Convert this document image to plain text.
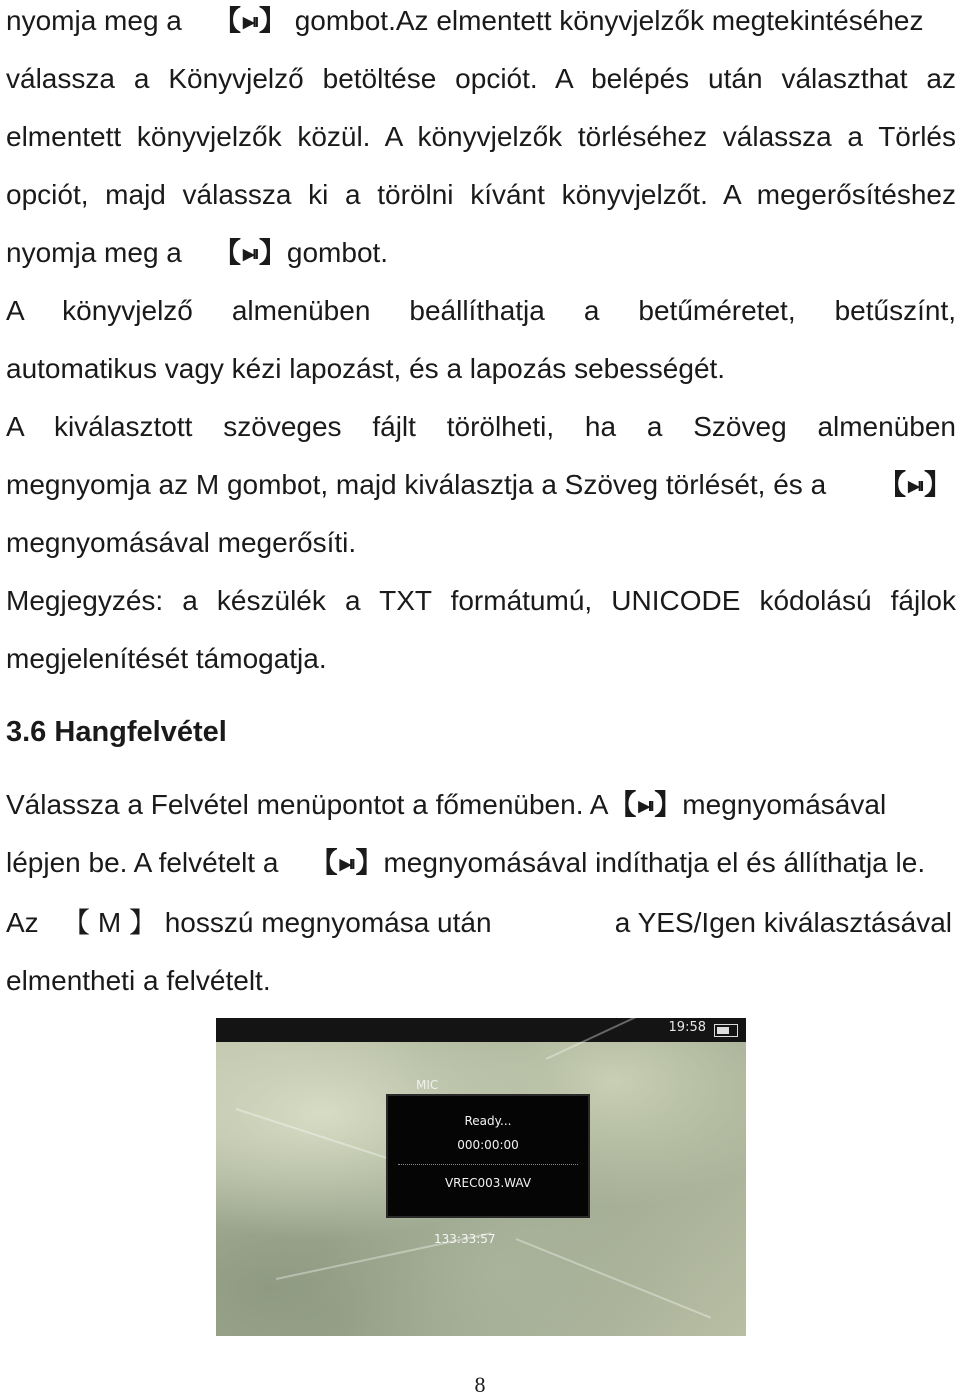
nyomja meg a 【 ▶II】 gombot.Az elmentett könyvjelzők megtekintéséhez
válassza a Könyvjelző betöltése opciót. A belépés után választhat az
elmentett könyvjelzők közül. A könyvjelzők törléséhez válassza a Törlés
opciót, majd válassza ki a törölni kívánt könyvjelzőt. A megerősítéshez
nyomja meg a 【 ▶II】gombot.
A könyvjelző almenüben beállíthatja a betűméretet, betűszínt,
automatikus vagy kézi lapozást, és a lapozás sebességét.
A kiválasztott szöveges fájlt törölheti, ha a Szöveg almenüben
megnyomja az M gombot, majd kiválasztja a Szöveg törlését, és a 【 ▶II】
megnyomásával megerősíti.
Megjegyzés: a készülék a TXT formátumú, UNICODE kódolású fájlok
megjelenítését támogatja.
3.6 Hangfelvétel
Válassza a Felvétel menüpontot a főmenüben. A【 ▶II】megnyomásával
lépjen be. A felvételt a 【 ▶II】megnyomásával indíthatja el és állíthatja le.
Az 【 M 】 hosszú megnyomása után	a YES/Igen kiválasztásával
elmentheti a felvételt.
19:58
MIC
Ready...
000:00:00
VREC003.WAV
133:33:57
8
